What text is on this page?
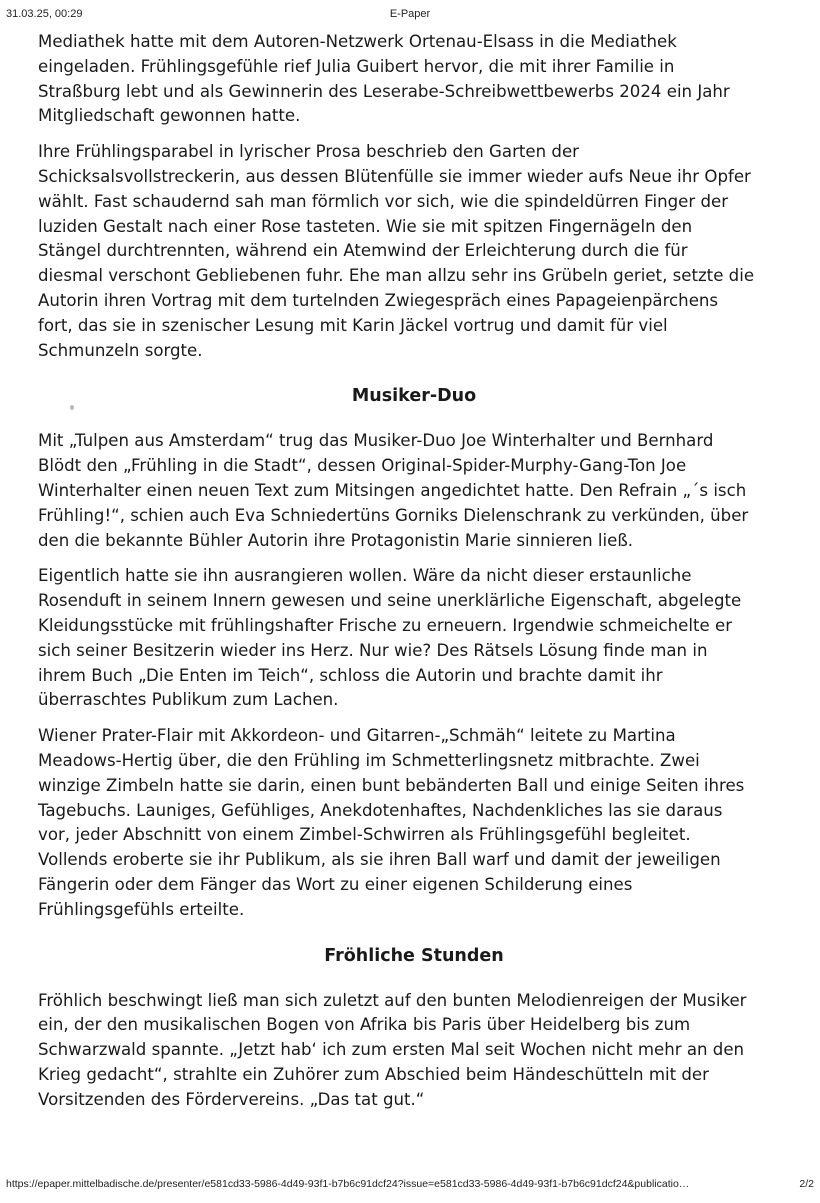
31.03.25, 00:29	E-Paper

Mediathek hatte mit dem Autoren-Netzwerk Ortenau-Elsass in die Mediathek
eingeladen. Frühlingsgefühle rief Julia Guibert hervor, die mit ihrer Familie in
Straßburg lebt und als Gewinnerin des Leserabe-Schreibwettbewerbs 2024 ein Jahr
Mitgliedschaft gewonnen hatte.

Ihre Frühlingsparabel in lyrischer Prosa beschrieb den Garten der
Schicksalsvollstreckerin, aus dessen Blütenfülle sie immer wieder aufs Neue ihr Opfer
wählt. Fast schaudernd sah man förmlich vor sich, wie die spindeldürren Finger der
luziden Gestalt nach einer Rose tasteten. Wie sie mit spitzen Fingernägeln den
Stängel durchtrennten, während ein Atemwind der Erleichterung durch die für
diesmal verschont Gebliebenen fuhr. Ehe man allzu sehr ins Grübeln geriet, setzte die
Autorin ihren Vortrag mit dem turtelnden Zwiegespräch eines Papageienpärchens
fort, das sie in szenischer Lesung mit Karin Jäckel vortrug und damit für viel
Schmunzeln sorgte.

Musiker-Duo

Mit „Tulpen aus Amsterdam“ trug das Musiker-Duo Joe Winterhalter und Bernhard
Blödt den „Frühling in die Stadt“, dessen Original-Spider-Murphy-Gang-Ton Joe
Winterhalter einen neuen Text zum Mitsingen angedichtet hatte. Den Refrain „´s isch
Frühling!“, schien auch Eva Schniedertüns Gorniks Dielenschrank zu verkünden, über
den die bekannte Bühler Autorin ihre Protagonistin Marie sinnieren ließ.

Eigentlich hatte sie ihn ausrangieren wollen. Wäre da nicht dieser erstaunliche
Rosenduft in seinem Innern gewesen und seine unerklärliche Eigenschaft, abgelegte
Kleidungsstücke mit frühlingshafter Frische zu erneuern. Irgendwie schmeichelte er
sich seiner Besitzerin wieder ins Herz. Nur wie? Des Rätsels Lösung finde man in
ihrem Buch „Die Enten im Teich“, schloss die Autorin und brachte damit ihr
überraschtes Publikum zum Lachen.

Wiener Prater-Flair mit Akkordeon- und Gitarren-„Schmäh“ leitete zu Martina
Meadows-Hertig über, die den Frühling im Schmetterlingsnetz mitbrachte. Zwei
winzige Zimbeln hatte sie darin, einen bunt bebänderten Ball und einige Seiten ihres
Tagebuchs. Launiges, Gefühliges, Anekdotenhaftes, Nachdenkliches las sie daraus
vor, jeder Abschnitt von einem Zimbel-Schwirren als Frühlingsgefühl begleitet.
Vollends eroberte sie ihr Publikum, als sie ihren Ball warf und damit der jeweiligen
Fängerin oder dem Fänger das Wort zu einer eigenen Schilderung eines
Frühlingsgefühls erteilte.

Fröhliche Stunden

Fröhlich beschwingt ließ man sich zuletzt auf den bunten Melodienreigen der Musiker
ein, der den musikalischen Bogen von Afrika bis Paris über Heidelberg bis zum
Schwarzwald spannte. „Jetzt hab‘ ich zum ersten Mal seit Wochen nicht mehr an den
Krieg gedacht“, strahlte ein Zuhörer zum Abschied beim Händeschütteln mit der
Vorsitzenden des Fördervereins. „Das tat gut.“

https://epaper.mittelbadische.de/presenter/e581cd33-5986-4d49-93f1-b7b6c91dcf24?issue=e581cd33-5986-4d49-93f1-b7b6c91dcf24&publicatio…	2/2
